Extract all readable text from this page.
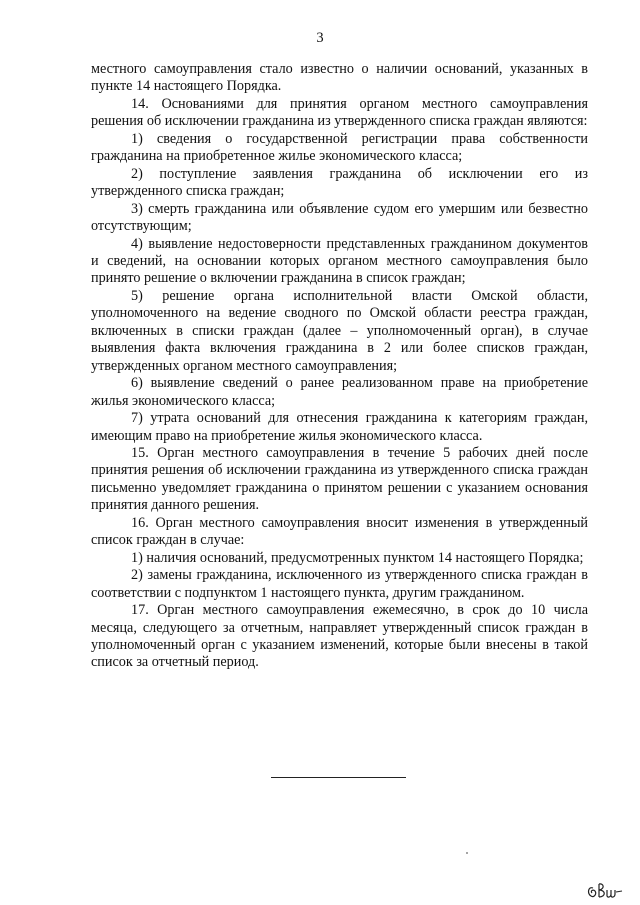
3

местного самоуправления стало известно о наличии оснований, указанных в пункте 14 настоящего Порядка.

14. Основаниями для принятия органом местного самоуправления решения об исключении гражданина из утвержденного списка граждан являются:

1) сведения о государственной регистрации права собственности гражданина на приобретенное жилье экономического класса;

2) поступление заявления гражданина об исключении его из утвержденного списка граждан;

3) смерть гражданина или объявление судом его умершим или безвестно отсутствующим;

4) выявление недостоверности представленных гражданином документов и сведений, на основании которых органом местного самоуправления было принято решение о включении гражданина в список граждан;

5) решение органа исполнительной власти Омской области, уполномоченного на ведение сводного по Омской области реестра граждан, включенных в списки граждан (далее – уполномоченный орган), в случае выявления факта включения гражданина в 2 или более списков граждан, утвержденных органом местного самоуправления;

6) выявление сведений о ранее реализованном праве на приобретение жилья экономического класса;

7) утрата оснований для отнесения гражданина к категориям граждан, имеющим право на приобретение жилья экономического класса.

15. Орган местного самоуправления в течение 5 рабочих дней после принятия решения об исключении гражданина из утвержденного списка граждан письменно уведомляет гражданина о принятом решении с указанием основания принятия данного решения.

16. Орган местного самоуправления вносит изменения в утвержденный список граждан в случае:

1) наличия оснований, предусмотренных пунктом 14 настоящего Порядка;

2) замены гражданина, исключенного из утвержденного списка граждан в соответствии с подпунктом 1 настоящего пункта, другим гражданином.

17. Орган местного самоуправления ежемесячно, в срок до 10 числа месяца, следующего за отчетным, направляет утвержденный список граждан в уполномоченный орган с указанием изменений, которые были внесены в такой список за отчетный период.
